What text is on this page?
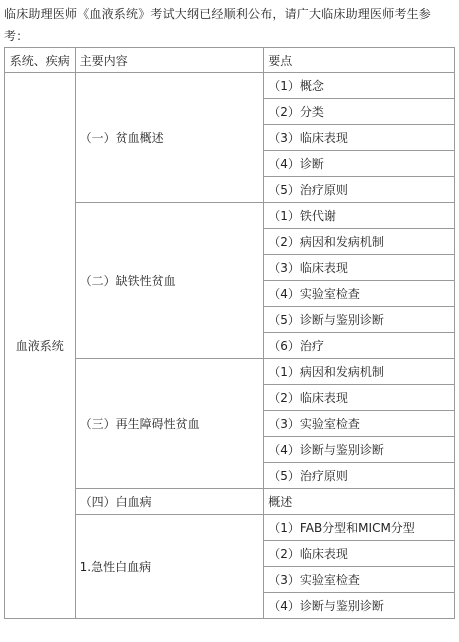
临床助理医师《血液系统》考试大纲已经顺利公布，请广大临床助理医师考生参考：
系统、疾病	主要内容	要点
血液系统	（一）贫血概述	（1）概念
		（2）分类
		（3）临床表现
		（4）诊断
		（5）治疗原则
	（二）缺铁性贫血	（1）铁代谢
		（2）病因和发病机制
		（3）临床表现
		（4）实验室检查
		（5）诊断与鉴别诊断
		（6）治疗
	（三）再生障碍性贫血	（1）病因和发病机制
		（2）临床表现
		（3）实验室检查
		（4）诊断与鉴别诊断
		（5）治疗原则
	（四）白血病	概述
	1.急性白血病	（1）FAB分型和MICM分型
		（2）临床表现
		（3）实验室检查
		（4）诊断与鉴别诊断
